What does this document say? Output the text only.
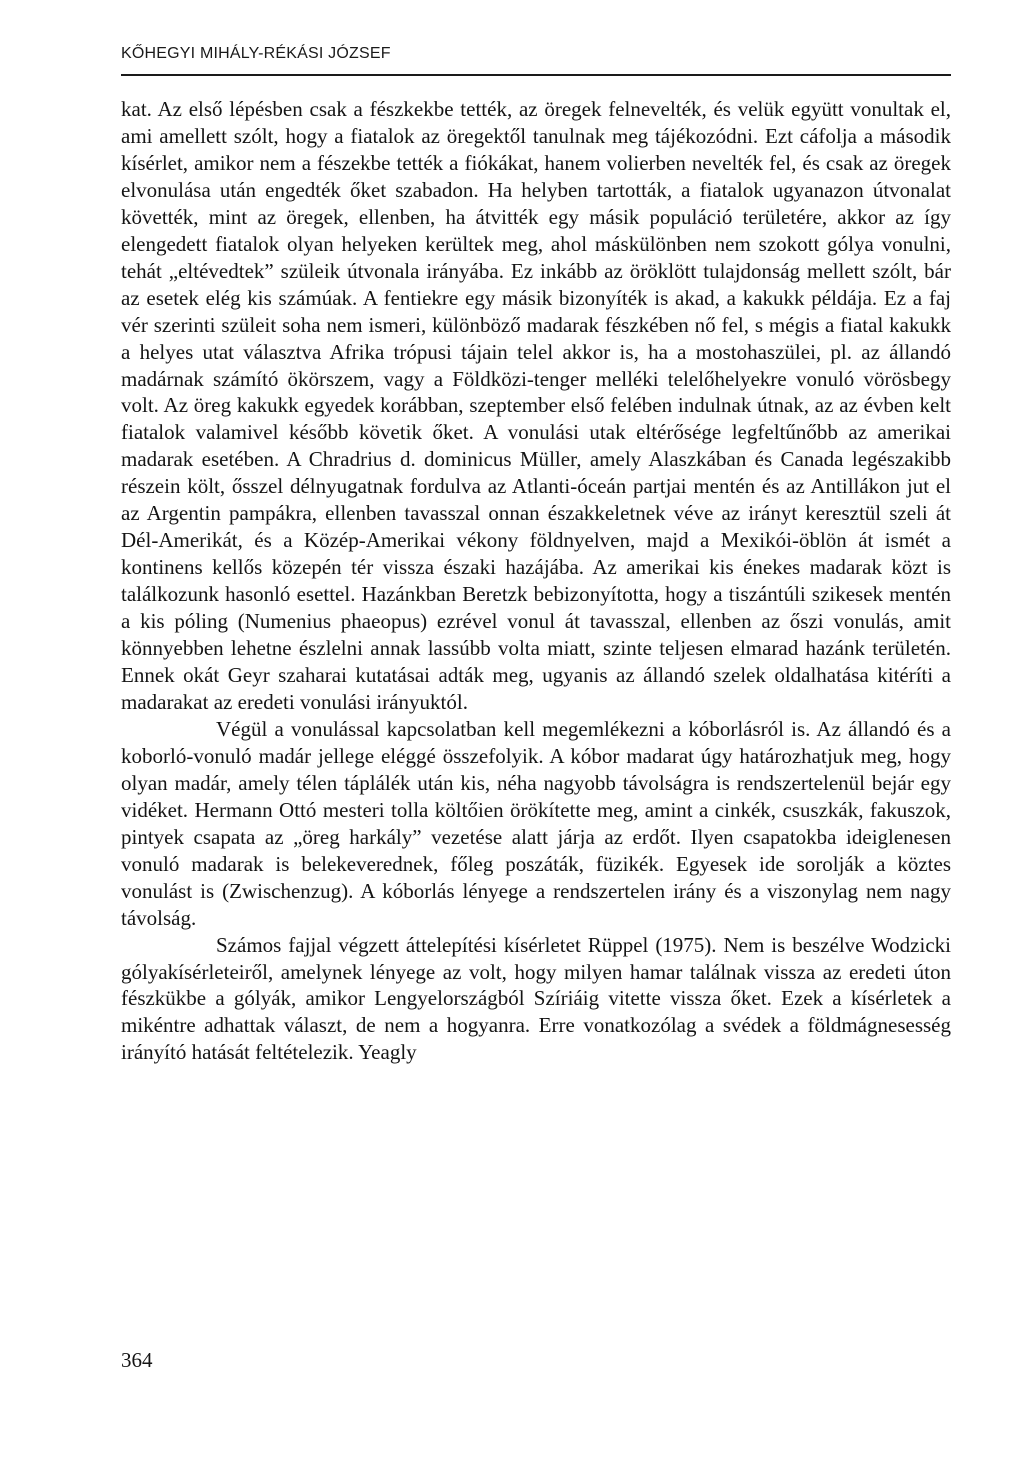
KŐHEGYI MIHÁLY-RÉKÁSI JÓZSEF

kat. Az első lépésben csak a fészkekbe tették, az öregek felnevelték, és velük együtt vonultak el, ami amellett szólt, hogy a fiatalok az öregektől tanulnak meg tájékozódni. Ezt cáfolja a második kísérlet, amikor nem a fészekbe tették a fiókákat, hanem volierben nevelték fel, és csak az öregek elvonulása után engedték őket szabadon. Ha helyben tartották, a fiatalok ugyanazon útvonalat követték, mint az öregek, ellenben, ha átvitték egy másik populáció területére, akkor az így elengedett fiatalok olyan helyeken kerültek meg, ahol máskülönben nem szokott gólya vonulni, tehát „eltévedtek” szüleik útvonala irányába. Ez inkább az öröklött tulajdonság mellett szólt, bár az esetek elég kis számúak. A fentiekre egy másik bizonyíték is akad, a kakukk példája. Ez a faj vér szerinti szüleit soha nem ismeri, különböző madarak fészkében nő fel, s mégis a fiatal kakukk a helyes utat választva Afrika trópusi tájain telel akkor is, ha a mostohaszülei, pl. az állandó madárnak számító ökörszem, vagy a Földközi-tenger melléki telelőhelyekre vonuló vörösbegy volt. Az öreg kakukk egyedek korábban, szeptember első felében indulnak útnak, az az évben kelt fiatalok valamivel később követik őket. A vonulási utak eltérősége legfeltűnőbb az amerikai madarak esetében. A Chradrius d. dominicus Müller, amely Alaszkában és Canada legészakibb részein költ, ősszel délnyugatnak fordulva az Atlanti-óceán partjai mentén és az Antillákon jut el az Argentin pampákra, ellenben tavasszal onnan északkeletnek véve az irányt keresztül szeli át Dél-Amerikát, és a Közép-Amerikai vékony földnyelven, majd a Mexikói-öblön át ismét a kontinens kellős közepén tér vissza északi hazájába. Az amerikai kis énekes madarak közt is találkozunk hasonló esettel. Hazánkban Beretzk bebizonyította, hogy a tiszántúli szikesek mentén a kis póling (Numenius phaeopus) ezrével vonul át tavasszal, ellenben az őszi vonulás, amit könnyebben lehetne észlelni annak lassúbb volta miatt, szinte teljesen elmarad hazánk területén. Ennek okát Geyr szaharai kutatásai adták meg, ugyanis az állandó szelek oldalhatása kitéríti a madarakat az eredeti vonulási irányuktól.

Végül a vonulással kapcsolatban kell megemlékezni a kóborlásról is. Az állandó és a koborló-vonuló madár jellege eléggé összefolyik. A kóbor madarat úgy határozhatjuk meg, hogy olyan madár, amely télen táplálék után kis, néha nagyobb távolságra is rendszertelenül bejár egy vidéket. Hermann Ottó mesteri tolla költőien örökítette meg, amint a cinkék, csuszkák, fakuszok, pintyek csapata az „öreg harkály” vezetése alatt járja az erdőt. Ilyen csapatokba ideiglenesen vonuló madarak is belekeverednek, főleg poszáták, füzikék. Egyesek ide sorolják a köztes vonulást is (Zwischenzug). A kóborlás lényege a rendszertelen irány és a viszonylag nem nagy távolság.

Számos fajjal végzett áttelepítési kísérletet Rüppel (1975). Nem is beszélve Wodzicki gólyakísérleteiről, amelynek lényege az volt, hogy milyen hamar találnak vissza az eredeti úton fészkükbe a gólyák, amikor Lengyelországból Szíriáig vitette vissza őket. Ezek a kísérletek a mikéntre adhattak választ, de nem a hogyanra. Erre vonatkozólag a svédek a földmágnesesség irányító hatását feltételezik. Yeagly

364
